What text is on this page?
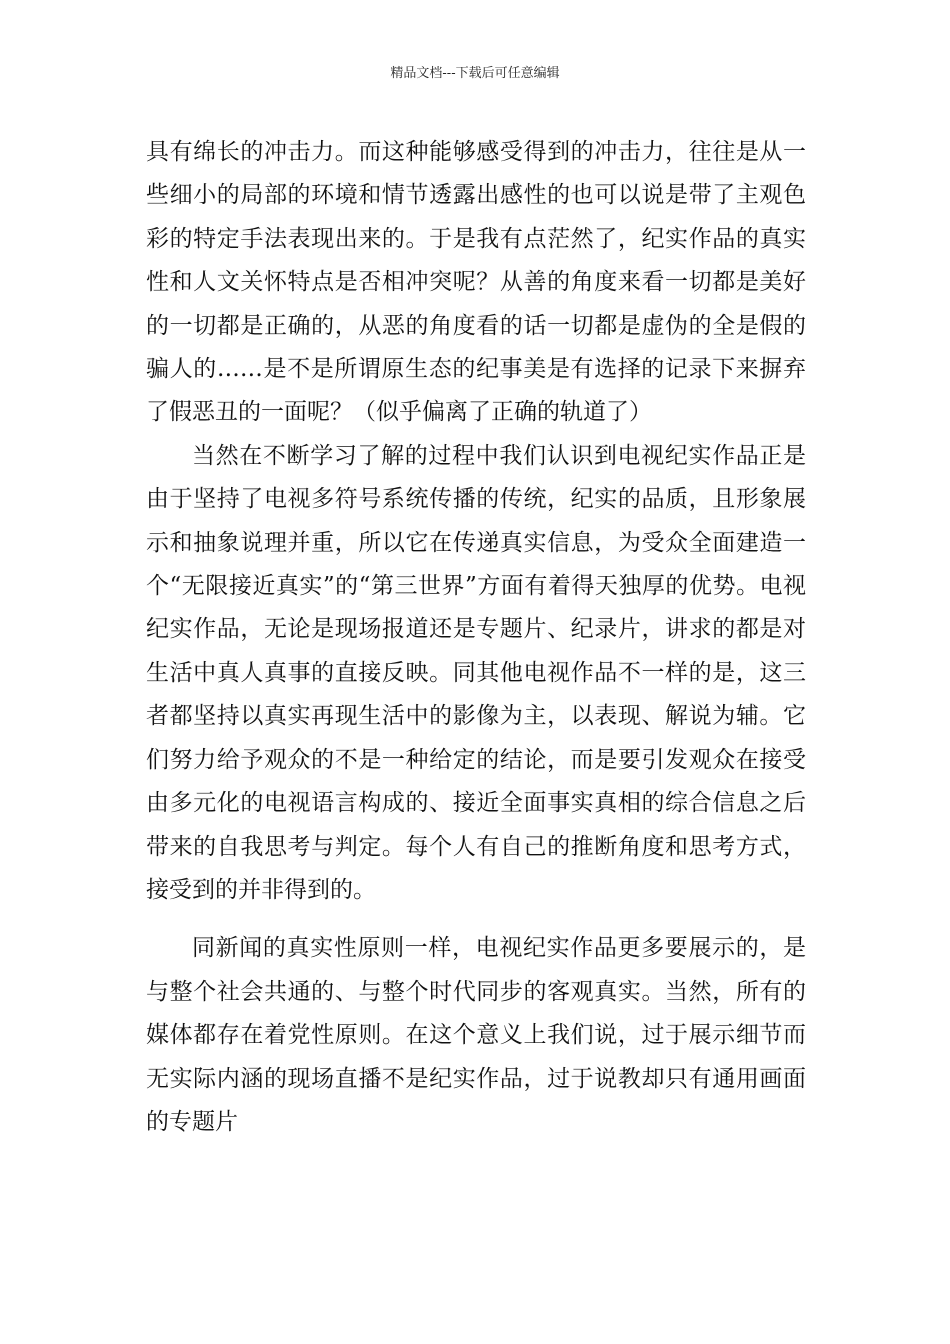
精品文档---下载后可任意编辑

具有绵长的冲击力。而这种能够感受得到的冲击力，往往是从一些细小的局部的环境和情节透露出感性的也可以说是带了主观色彩的特定手法表现出来的。于是我有点茫然了，纪实作品的真实性和人文关怀特点是否相冲突呢？从善的角度来看一切都是美好的一切都是正确的，从恶的角度看的话一切都是虚伪的全是假的骗人的……是不是所谓原生态的纪事美是有选择的记录下来摒弃了假恶丑的一面呢？（似乎偏离了正确的轨道了）

当然在不断学习了解的过程中我们认识到电视纪实作品正是由于坚持了电视多符号系统传播的传统，纪实的品质，且形象展示和抽象说理并重，所以它在传递真实信息，为受众全面建造一个“无限接近真实”的“第三世界”方面有着得天独厚的优势。电视纪实作品，无论是现场报道还是专题片、纪录片，讲求的都是对生活中真人真事的直接反映。同其他电视作品不一样的是，这三者都坚持以真实再现生活中的影像为主，以表现、解说为辅。它们努力给予观众的不是一种给定的结论，而是要引发观众在接受由多元化的电视语言构成的、接近全面事实真相的综合信息之后带来的自我思考与判定。每个人有自己的推断角度和思考方式，接受到的并非得到的。

同新闻的真实性原则一样，电视纪实作品更多要展示的，是与整个社会共通的、与整个时代同步的客观真实。当然，所有的媒体都存在着党性原则。在这个意义上我们说，过于展示细节而无实际内涵的现场直播不是纪实作品，过于说教却只有通用画面的专题片
